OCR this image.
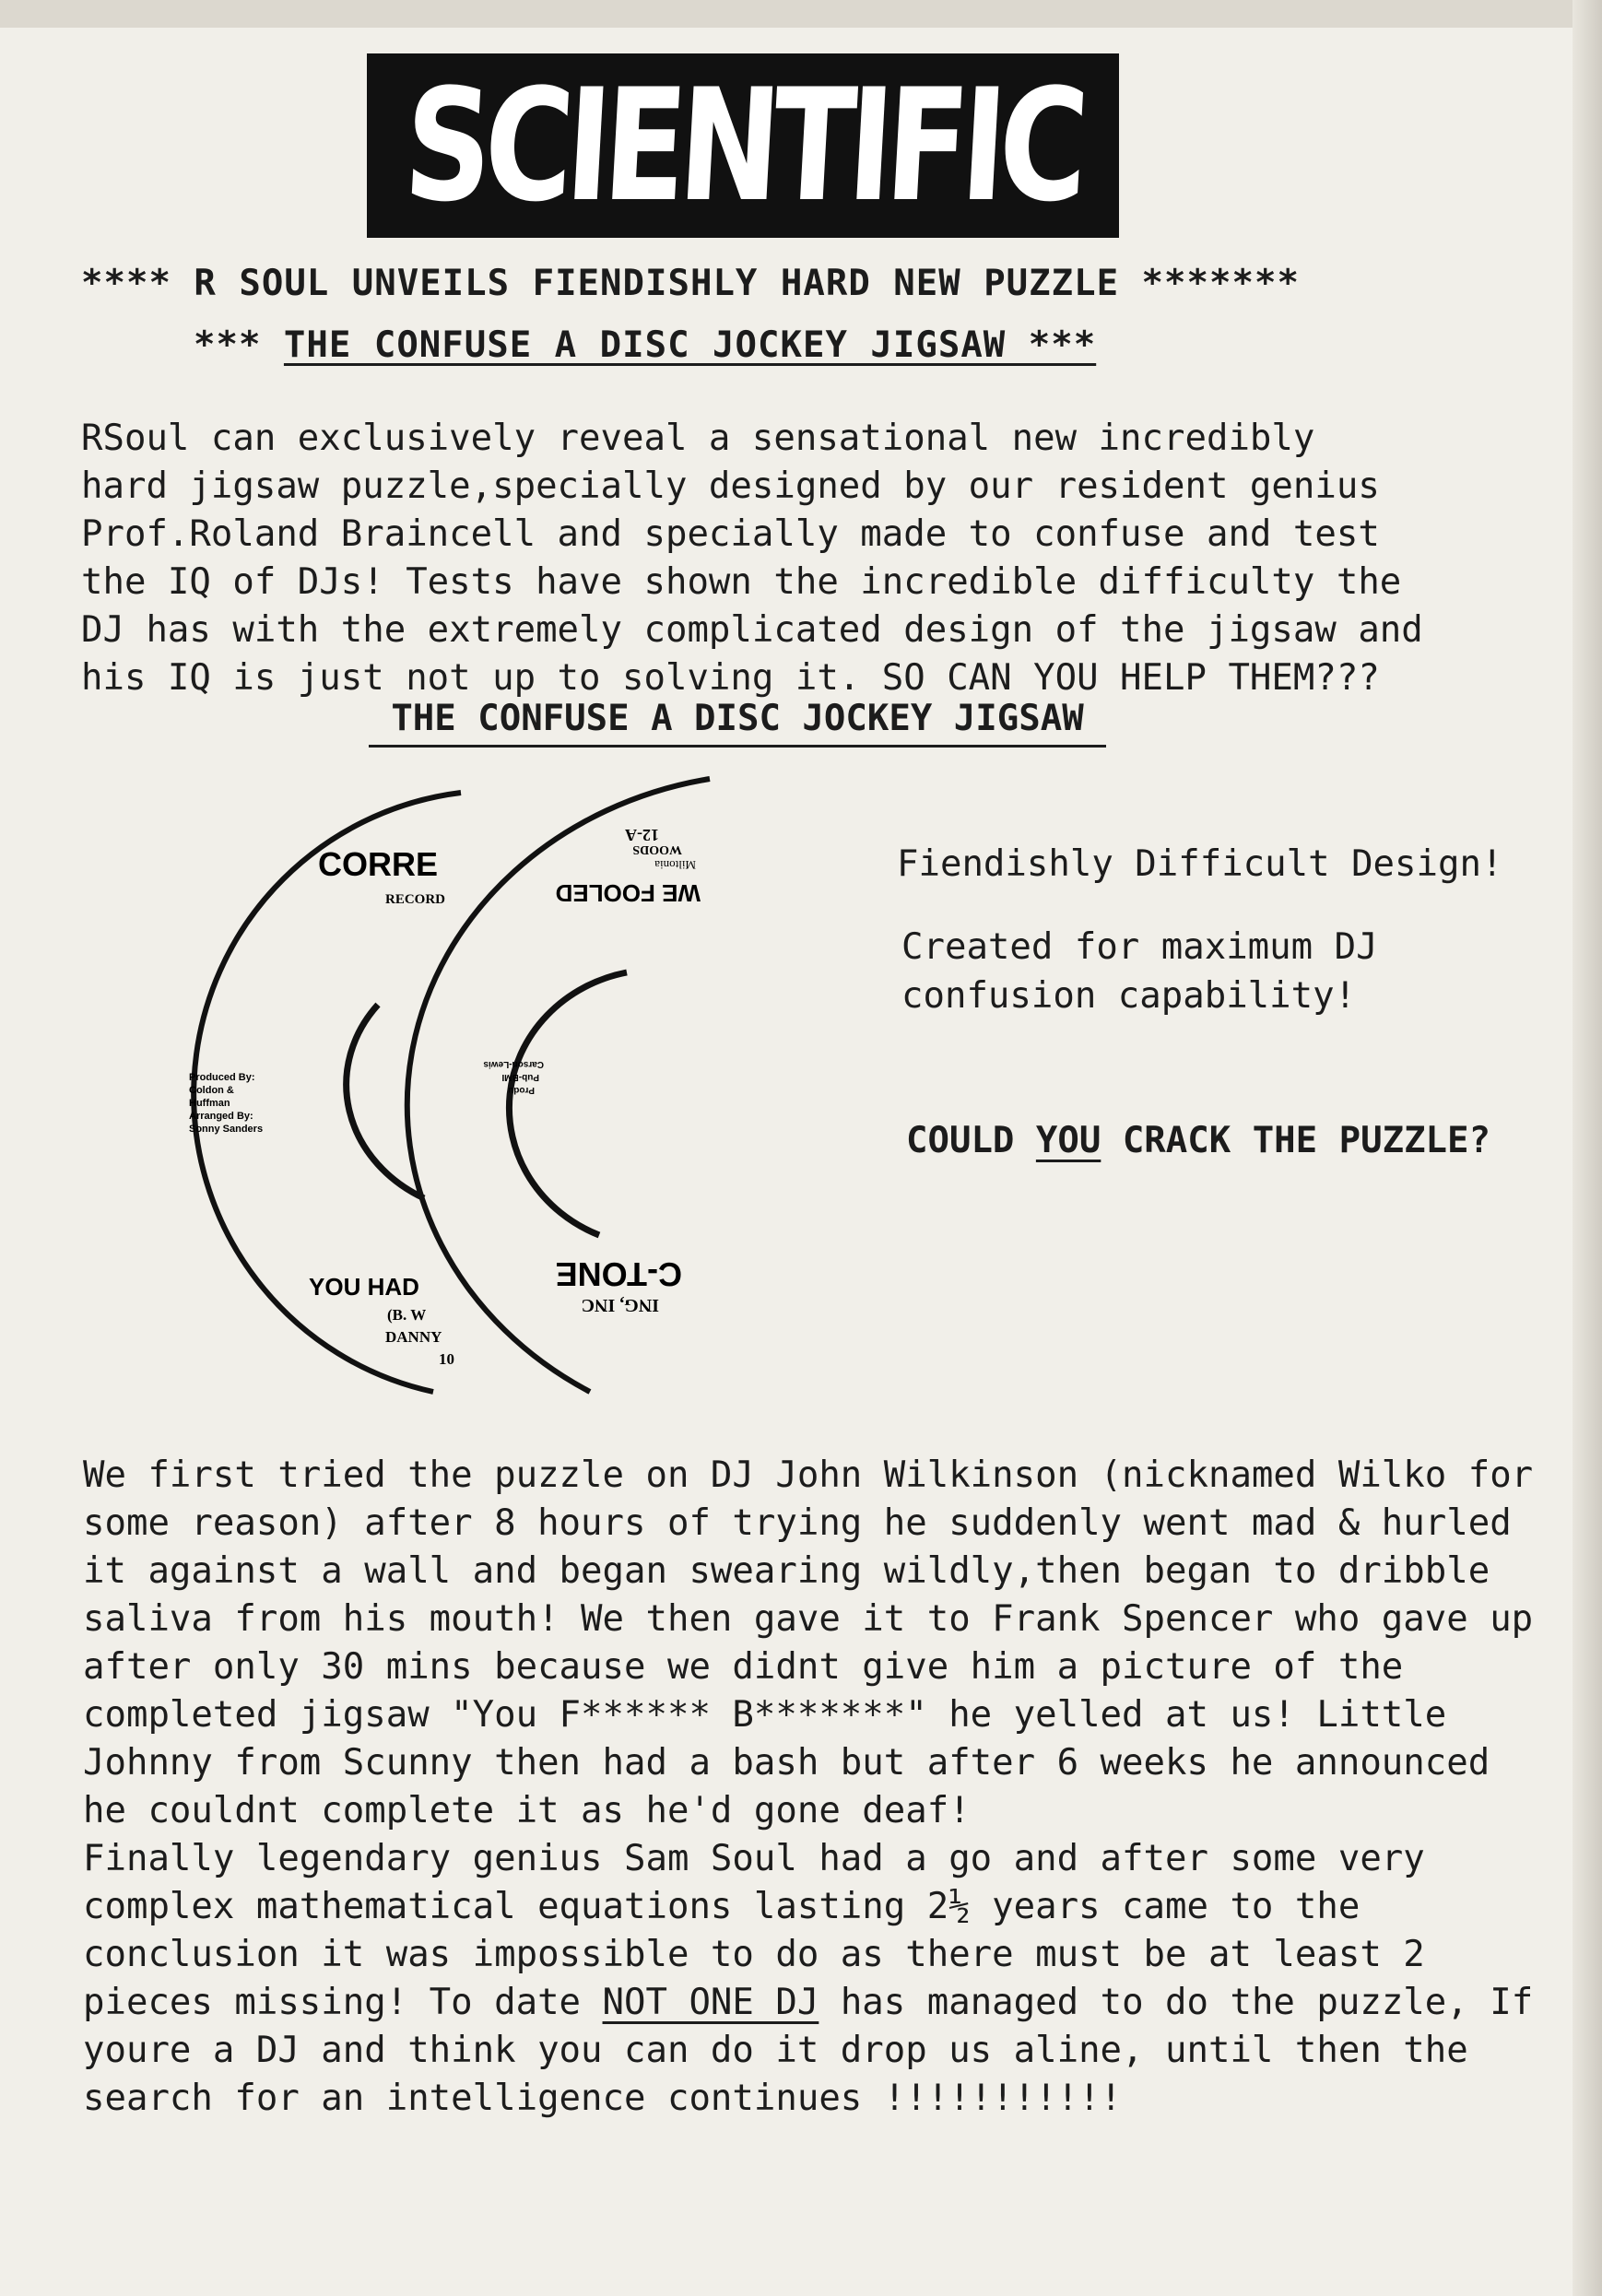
SCIENTIFIC
**** R SOUL UNVEILS FIENDISHLY HARD NEW PUZZLE *******
*** THE CONFUSE A DISC JOCKEY JIGSAW ***
RSoul can exclusively reveal a sensational new incredibly
hard jigsaw puzzle,specially designed by our resident genius
Prof.Roland Braincell and specially made to confuse and test
the IQ of DJs! Tests have shown the incredible difficulty the
DJ has with the extremely complicated design of the jigsaw and
his IQ is just not up to solving it. SO CAN YOU HELP THEM???
THE CONFUSE A DISC JOCKEY JIGSAW
CORRE
RECORD
Produced By:
Coldon &
Huffman
Arranged By:
Sonny Sanders
YOU HAD
(B. W
DANNY
10
12-A
WOODS
Miltonia
WE FOOLED
Produ
Pub-BMI
Carson-Lewis
ING, INC
C-TONE
Fiendishly Difficult Design!
Created for maximum DJ
confusion capability!
COULD YOU CRACK THE PUZZLE?

We first tried the puzzle on DJ John Wilkinson (nicknamed Wilko for some reason) after 8 hours of trying he suddenly went mad & hurled it against a wall and began swearing wildly,then began to dribble saliva from his mouth! We then gave it to Frank Spencer who gave up after only 30 mins because we didnt give him a picture of the completed jigsaw "You F****** B*******" he yelled at us! Little Johnny from Scunny then had a bash but after 6 weeks he announced he couldnt complete it as he'd gone deaf!

Finally legendary genius Sam Soul had a go and after some very complex mathematical equations lasting 2½ years came to the conclusion it was impossible to do as there must be at least 2 pieces missing! To date NOT ONE DJ has managed to do the puzzle, If youre a DJ and think you can do it drop us aline, until then the search for an intelligence continues !!!!!!!!!!!
